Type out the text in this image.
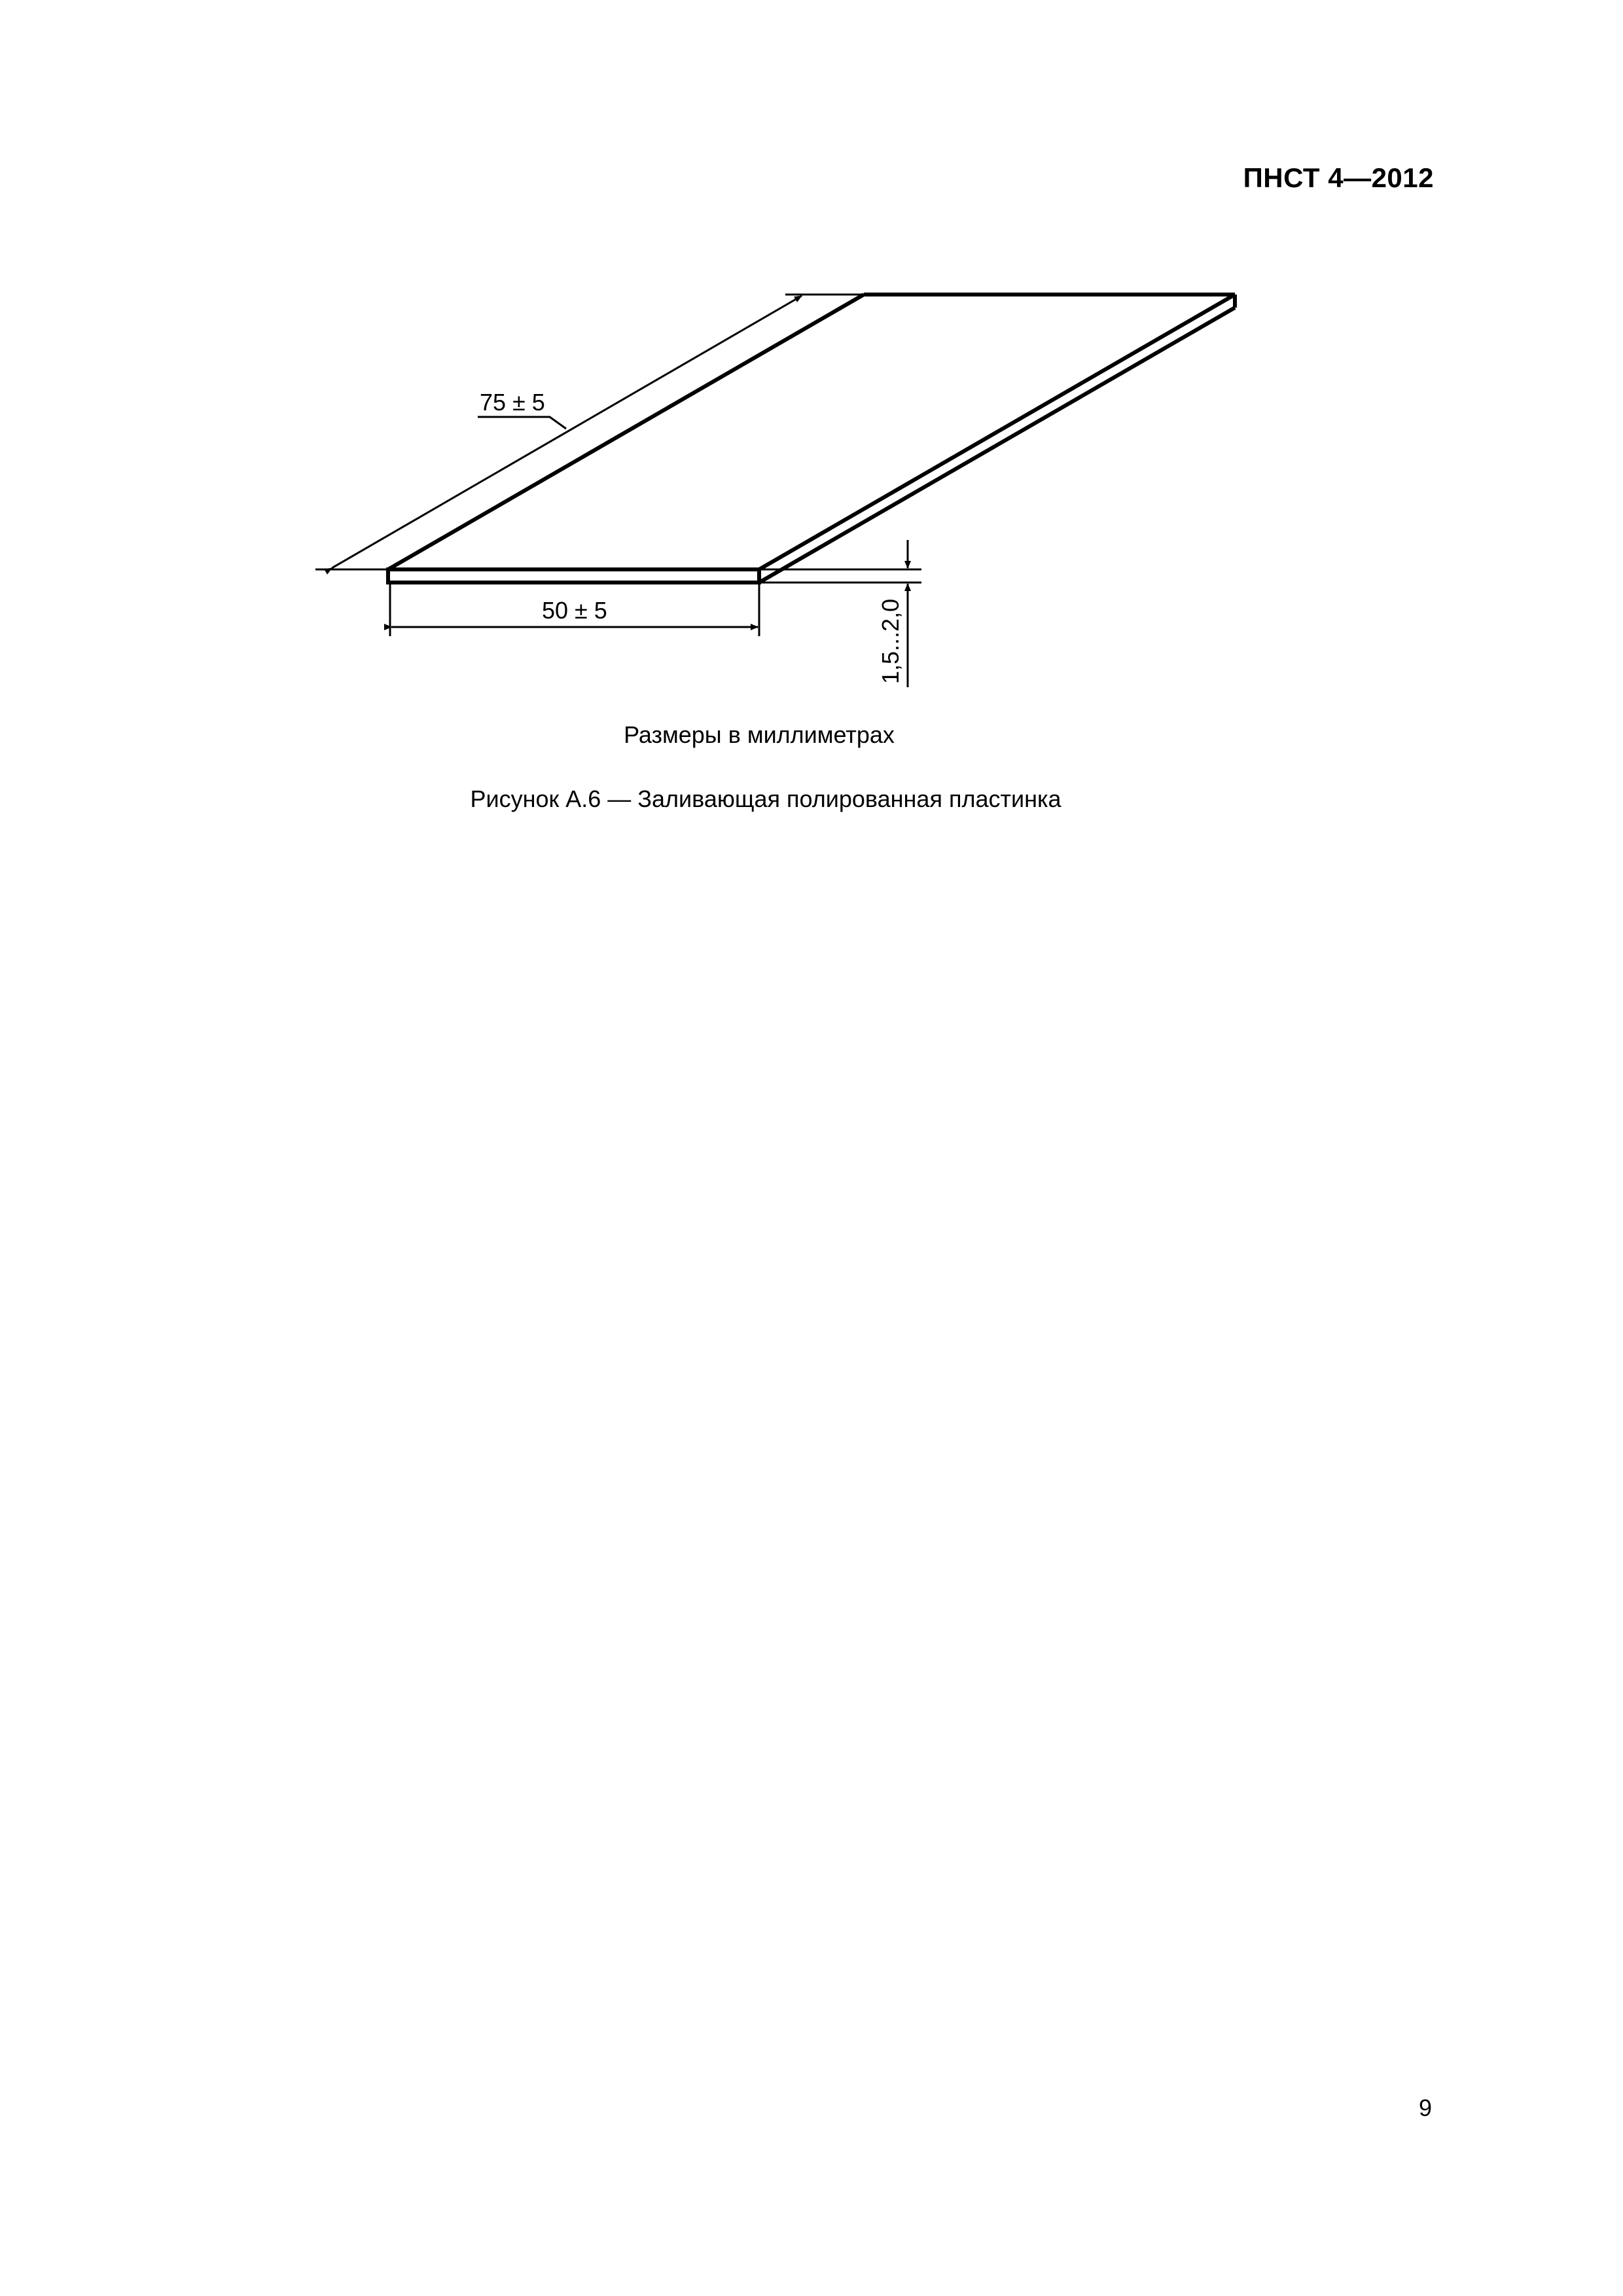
ПНСТ 4—2012
75 ± 5
50 ± 5	1,5...2,0
Размеры в миллиметрах
Рисунок А.6 — Заливающая полированная пластинка
9
